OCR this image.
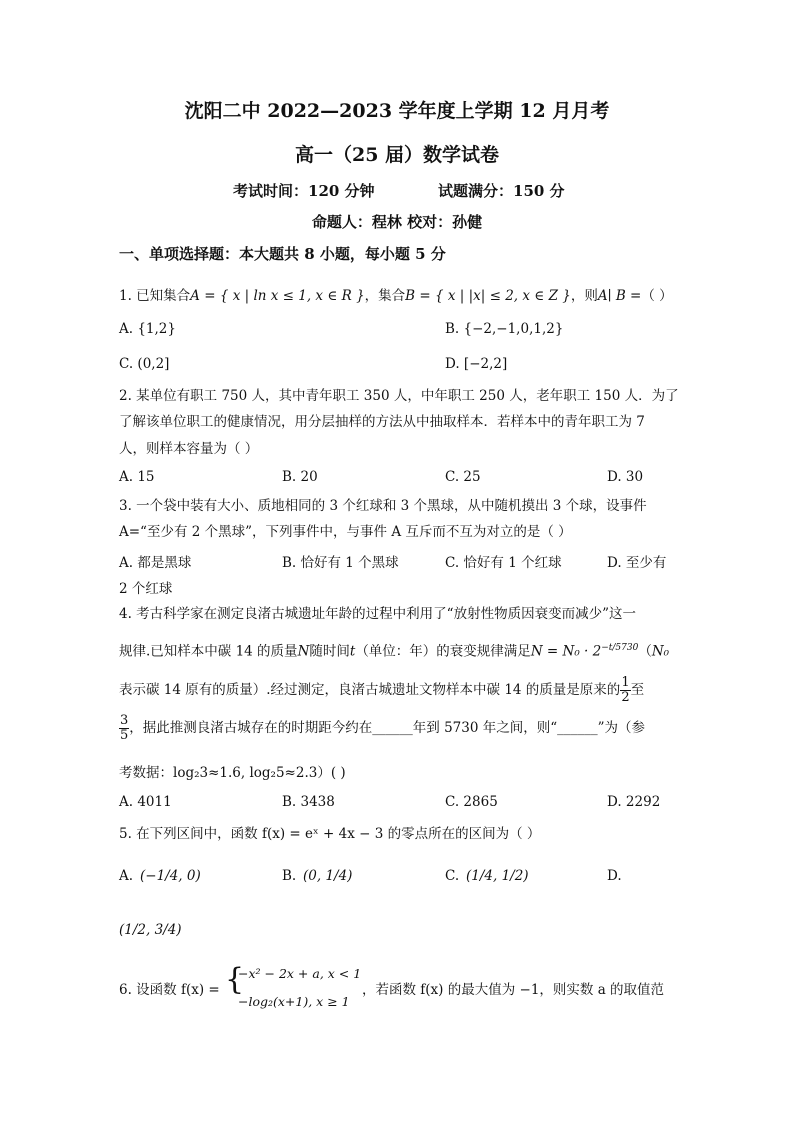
沈阳二中 2022—2023 学年度上学期 12 月月考
高一（25 届）数学试卷
考试时间：120 分钟	试题满分：150 分
命题人：程林 校对：孙健
一、单项选择题：本大题共 8 小题，每小题 5 分
1. 已知集合A = { x | ln x ≤ 1, x ∈ R }，集合B = { x | |x| ≤ 2, x ∈ Z }，则A∣ B =（ ）
A. {1,2}	B. {−2,−1,0,1,2}
C. (0,2]	D. [−2,2]
2. 某单位有职工 750 人，其中青年职工 350 人，中年职工 250 人，老年职工 150 人．为了
了解该单位职工的健康情况，用分层抽样的方法从中抽取样本．若样本中的青年职工为 7
人，则样本容量为（ ）
A. 15	B. 20	C. 25	D. 30
3. 一个袋中装有大小、质地相同的 3 个红球和 3 个黑球，从中随机摸出 3 个球，设事件
A=“至少有 2 个黑球”，下列事件中，与事件 A 互斥而不互为对立的是（ ）
A. 都是黑球	B. 恰好有 1 个黑球	C. 恰好有 1 个红球	D. 至少有
2 个红球
4. 考古科学家在测定良渚古城遗址年龄的过程中利用了“放射性物质因衰变而减少”这一
规律.已知样本中碳 14 的质量N随时间t（单位：年）的衰变规律满足$N = N_0 \cdot 2^{-t/5730}(N_0$
表示碳 14 原有的质量）.经过测定，良渚古城遗址文物样本中碳 14 的质量是原来的 $\frac{1}{2}$ 至
$\frac{3}{5}$ ，据此推测良渚古城存在的时期距今约在______年到 5730 年之间，则“______”为（参
考数据：log₂3≈1.6, log₂5≈2.3）( )
A. 4011	B. 3438	C. 2865	D. 2292
5. 在下列区间中，函数 f(x) = eˣ + 4x − 3 的零点所在的区间为（ ）
A. (−1/4, 0)	B. (0, 1/4)	C. (1/4, 1/2)	D.
(1/2, 3/4)
6. 设函数 f(x) = {
−x² − 2x + a, x < 1
−log₂(x+1), x ≥ 1
，若函数 f(x) 的最大值为 −1，则实数 a 的取值范
